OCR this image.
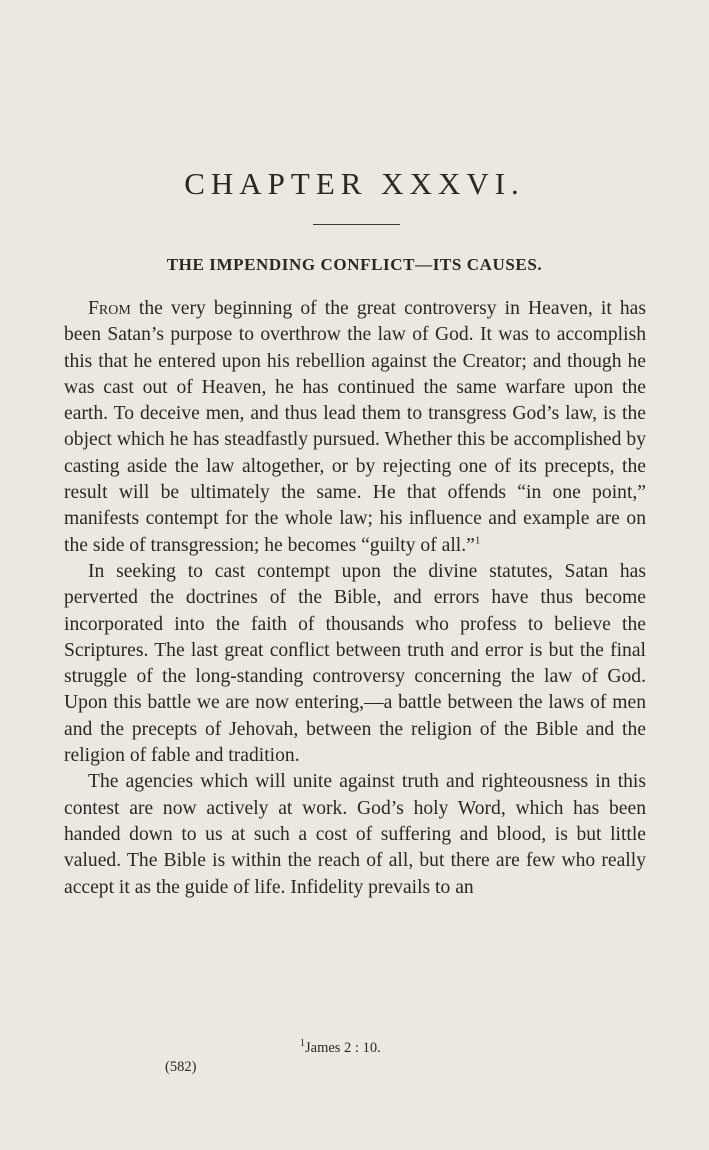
CHAPTER XXXVI.
THE IMPENDING CONFLICT—ITS CAUSES.

From the very beginning of the great controversy in Heaven, it has been Satan’s purpose to overthrow the law of God. It was to accomplish this that he entered upon his rebellion against the Creator; and though he was cast out of Heaven, he has continued the same warfare upon the earth. To deceive men, and thus lead them to transgress God’s law, is the object which he has steadfastly pursued. Whether this be accomplished by casting aside the law altogether, or by rejecting one of its precepts, the result will be ultimately the same. He that offends “in one point,” manifests contempt for the whole law; his influence and example are on the side of transgression; he becomes “guilty of all.”$^1$

In seeking to cast contempt upon the divine statutes, Satan has perverted the doctrines of the Bible, and errors have thus become incorporated into the faith of thousands who profess to believe the Scriptures. The last great conflict between truth and error is but the final struggle of the long-standing controversy concerning the law of God. Upon this battle we are now entering,—a battle between the laws of men and the precepts of Jehovah, between the religion of the Bible and the religion of fable and tradition.

The agencies which will unite against truth and righteousness in this contest are now actively at work. God’s holy Word, which has been handed down to us at such a cost of suffering and blood, is but little valued. The Bible is within the reach of all, but there are few who really accept it as the guide of life. Infidelity prevails to an

$^1$James 2 : 10.

(582)
